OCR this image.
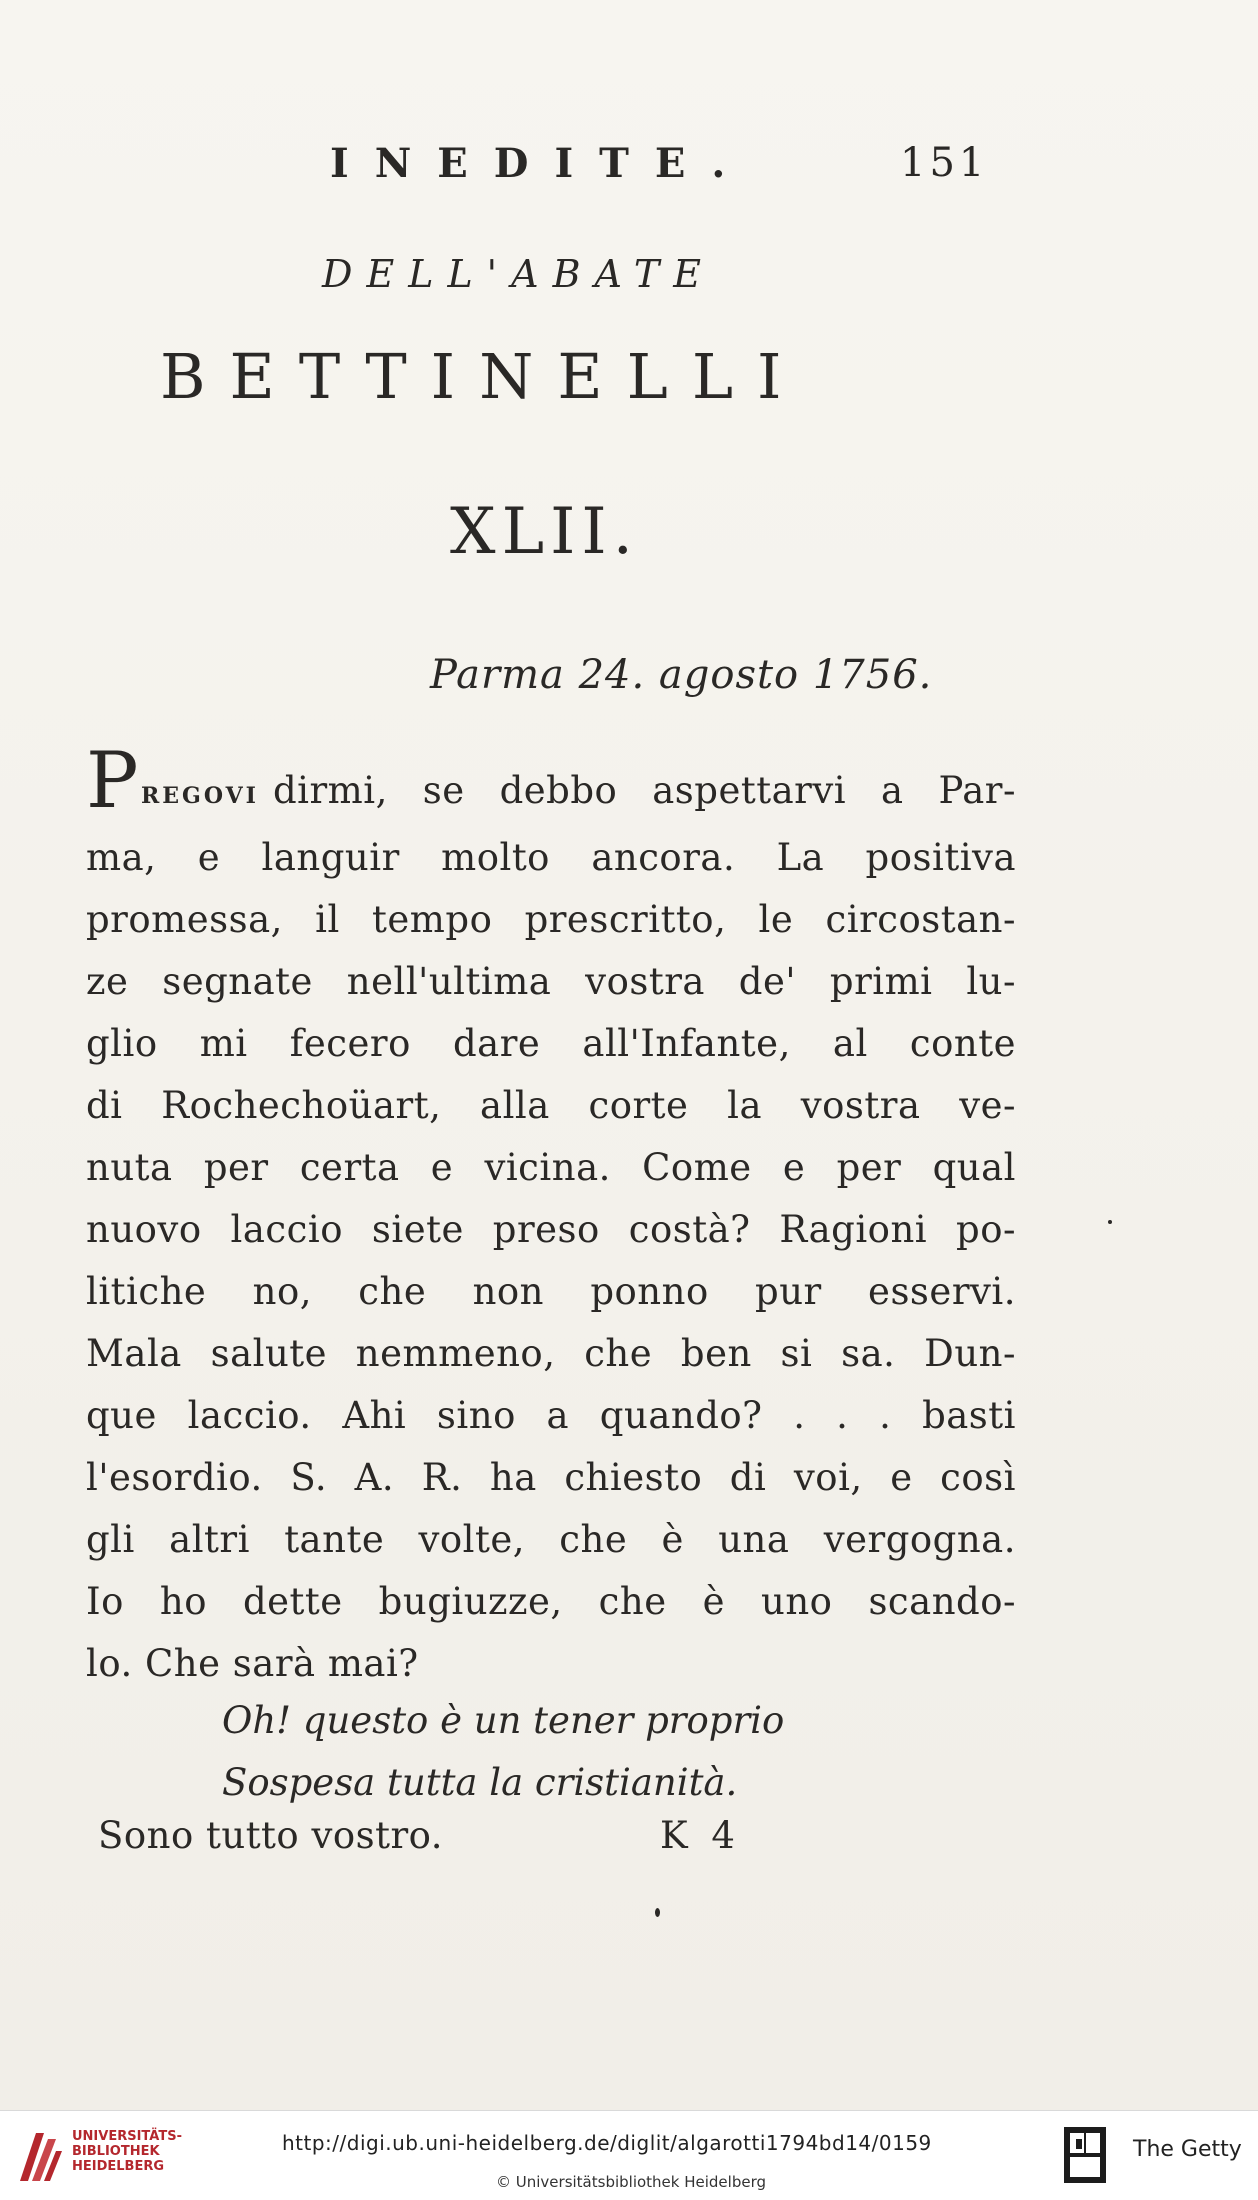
INEDITE.	151
DELL'ABATE
BETTINELLI
XLII.
Parma 24. agosto 1756.
PREGOVI dirmi, se debbo aspettarvi a Par-
ma, e languir molto ancora. La positiva
promessa, il tempo prescritto, le circostan-
ze segnate nell'ultima vostra de' primi lu-
glio mi fecero dare all'Infante, al conte
di Rochechoüart, alla corte la vostra ve-
nuta per certa e vicina. Come e per qual
nuovo laccio siete preso costà? Ragioni po-
litiche no, che non ponno pur esservi.
Mala salute nemmeno, che ben si sa. Dun-
que laccio. Ahi sino a quando? . . . basti
l'esordio. S. A. R. ha chiesto di voi, e così
gli altri tante volte, che è una vergogna.
Io ho dette bugiuzze, che è uno scando-
lo. Che sarà mai?
Oh! questo è un tener proprio
Sospesa tutta la cristianità.
Sono tutto vostro.	K 4
UNIVERSITÄTS-
BIBLIOTHEK
HEIDELBERG
http://digi.ub.uni-heidelberg.de/diglit/algarotti1794bd14/0159
© Universitätsbibliothek Heidelberg
The Getty
